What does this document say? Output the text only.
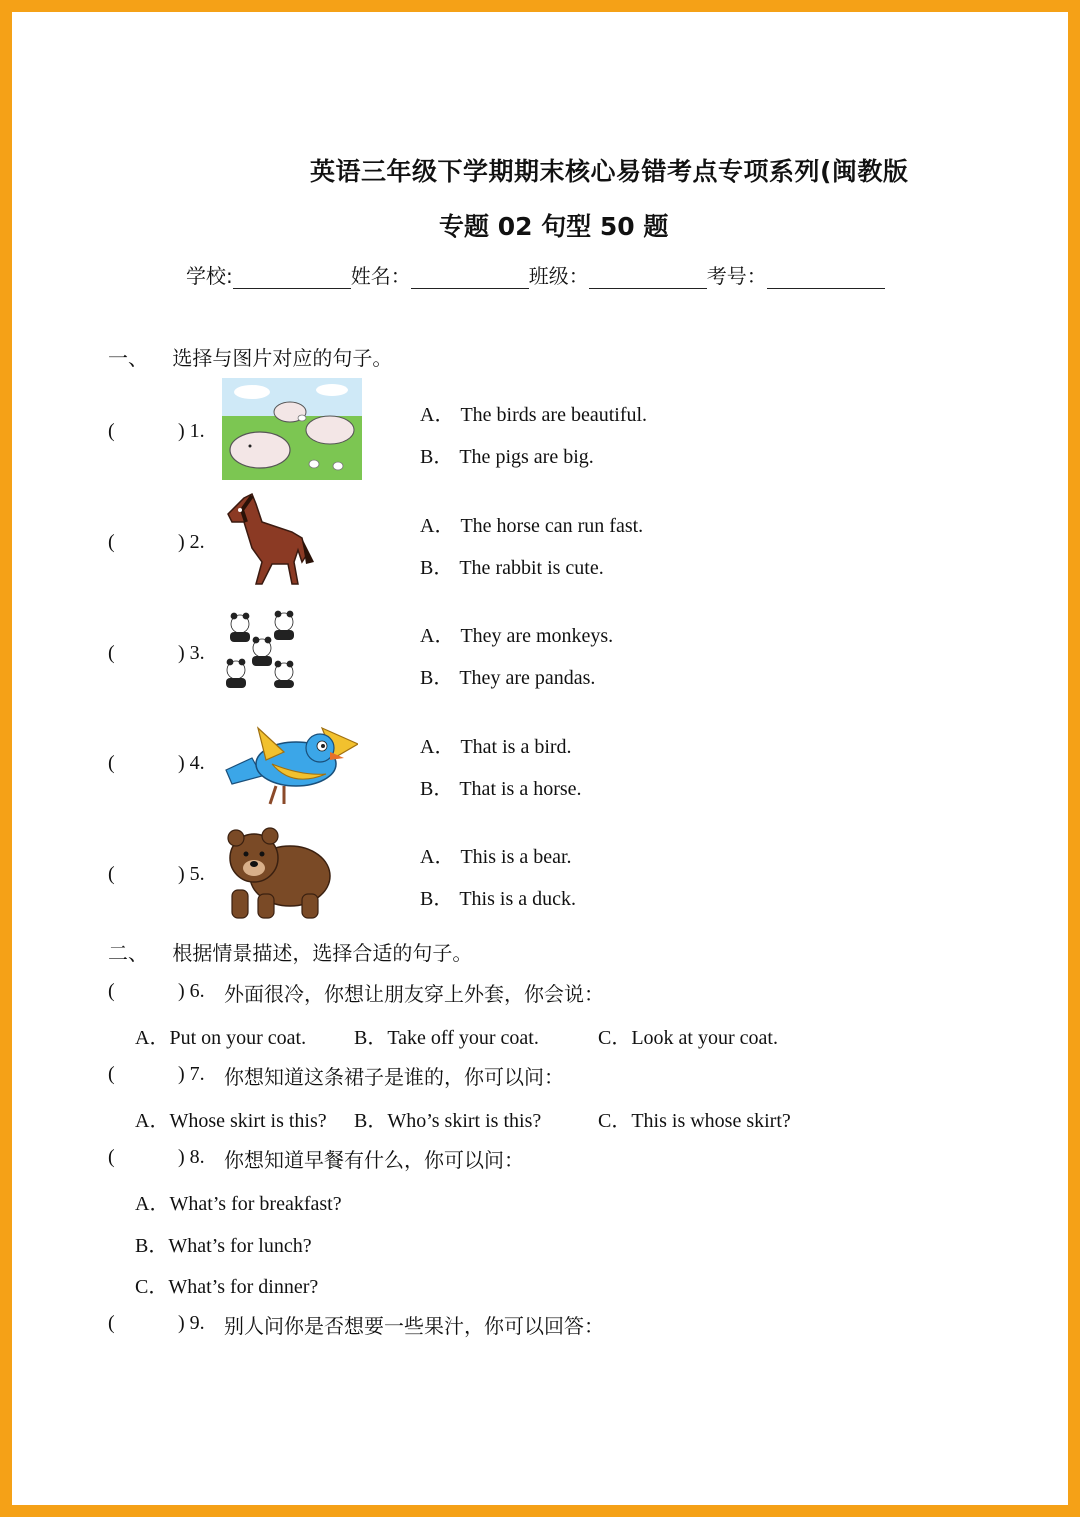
英语三年级下学期期末核心易错考点专项系列(闽教版
专题 02 句型 50 题
学校:	姓名：	班级：	考号：
一、 选择与图片对应的句子。
(	) 1.
A． The birds are beautiful.
B． The pigs are big.
(	) 2.
A． The horse can run fast.
B． The rabbit is cute.
(	) 3.
A． They are monkeys.
B． They are pandas.
(	) 4.
A． That is a bird.
B． That is a horse.
(	) 5.
A． This is a bear.
B． This is a duck.
二、 根据情景描述，选择合适的句子。
(	) 6. 外面很冷，你想让朋友穿上外套，你会说：
A．Put on your coat. B．Take off your coat.	C．Look at your coat.
(	) 7. 你想知道这条裙子是谁的，你可以问：
A．Whose skirt is this? B．Who’s skirt is this?	C．This is whose skirt?
(	) 8. 你想知道早餐有什么，你可以问：
A．What’s for breakfast?
B．What’s for lunch?
C．What’s for dinner?
(	) 9. 别人问你是否想要一些果汁，你可以回答：
